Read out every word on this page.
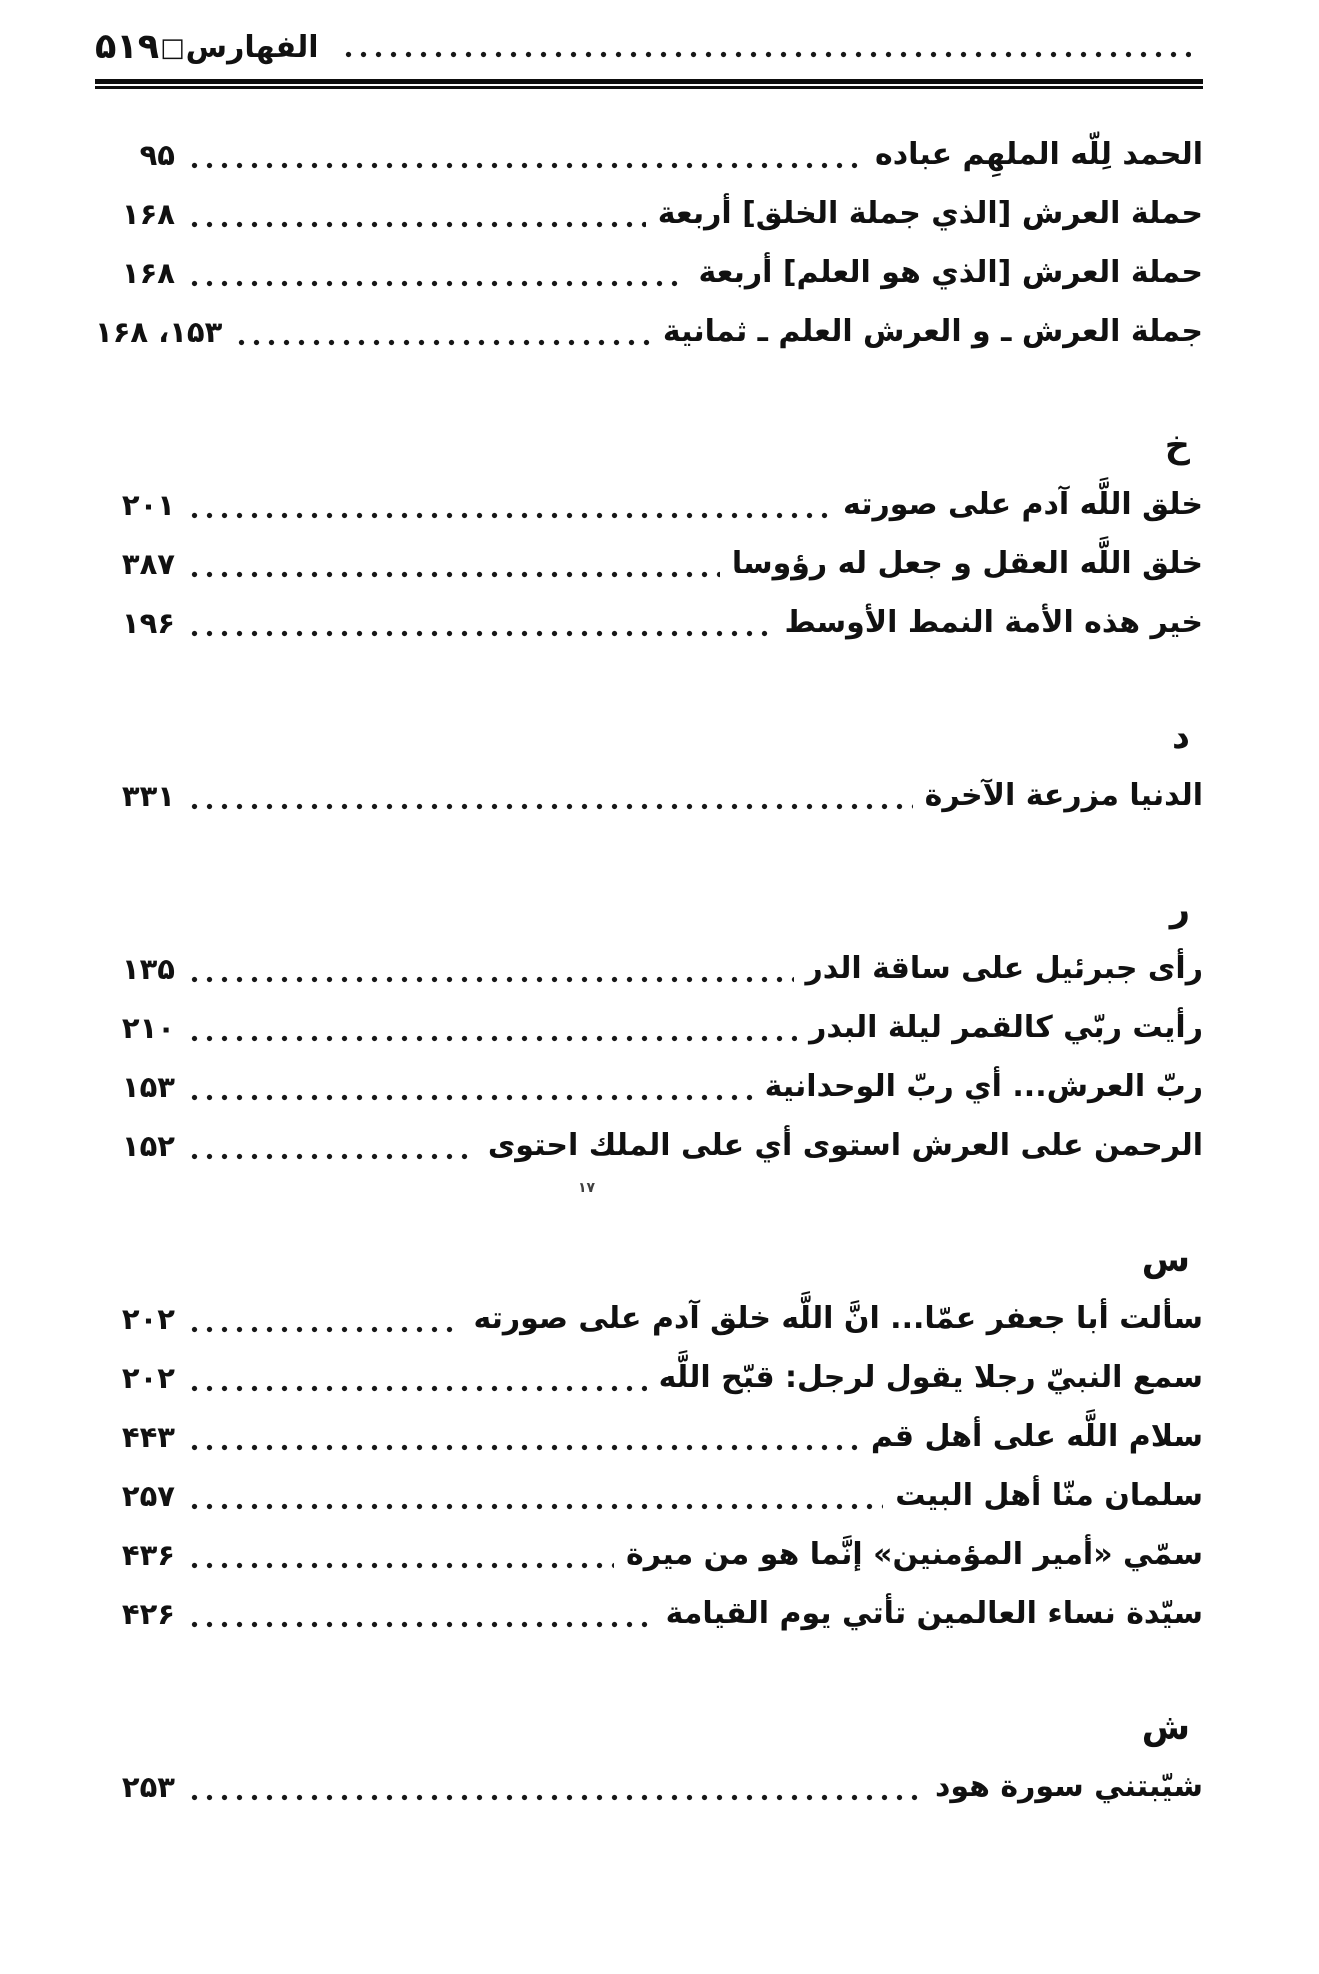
الفهارس
□
۵۱۹
الحمد لِلّه الملهِم عباده
۹۵
حملة العرش [الذي جملة الخلق] أربعة
۱۶۸
حملة العرش [الذي هو العلم] أربعة
۱۶۸
جملة العرش ـ و العرش العلم ـ ثمانية
۱۵۳، ۱۶۸
خ
خلق اللَّه آدم على صورته
۲۰۱
خلق اللَّه العقل و جعل له رؤوسا
۳۸۷
خير هذه الأمة النمط الأوسط
۱۹۶
د
الدنيا مزرعة الآخرة
۳۳۱
ر
رأى جبرئيل على ساقة الدر
۱۳۵
رأيت ربّي كالقمر ليلة البدر
۲۱۰
ربّ العرش... أي ربّ الوحدانية
۱۵۳
الرحمن على العرش استوى أي على الملك احتوى
۱۵۲
س
سألت أبا جعفر عمّا... انَّ اللَّه خلق آدم على صورته
۲۰۲
سمع النبيّ رجلا يقول لرجل: قبّح اللَّه
۲۰۲
سلام اللَّه على أهل قم
۴۴۳
سلمان منّا أهل البيت
۲۵۷
سمّي «أمير المؤمنين» إنَّما هو من ميرة
۴۳۶
سيّدة نساء العالمين تأتي يوم القيامة
۴۲۶
ش
شيّبتني سورة هود
۲۵۳
۱۷
